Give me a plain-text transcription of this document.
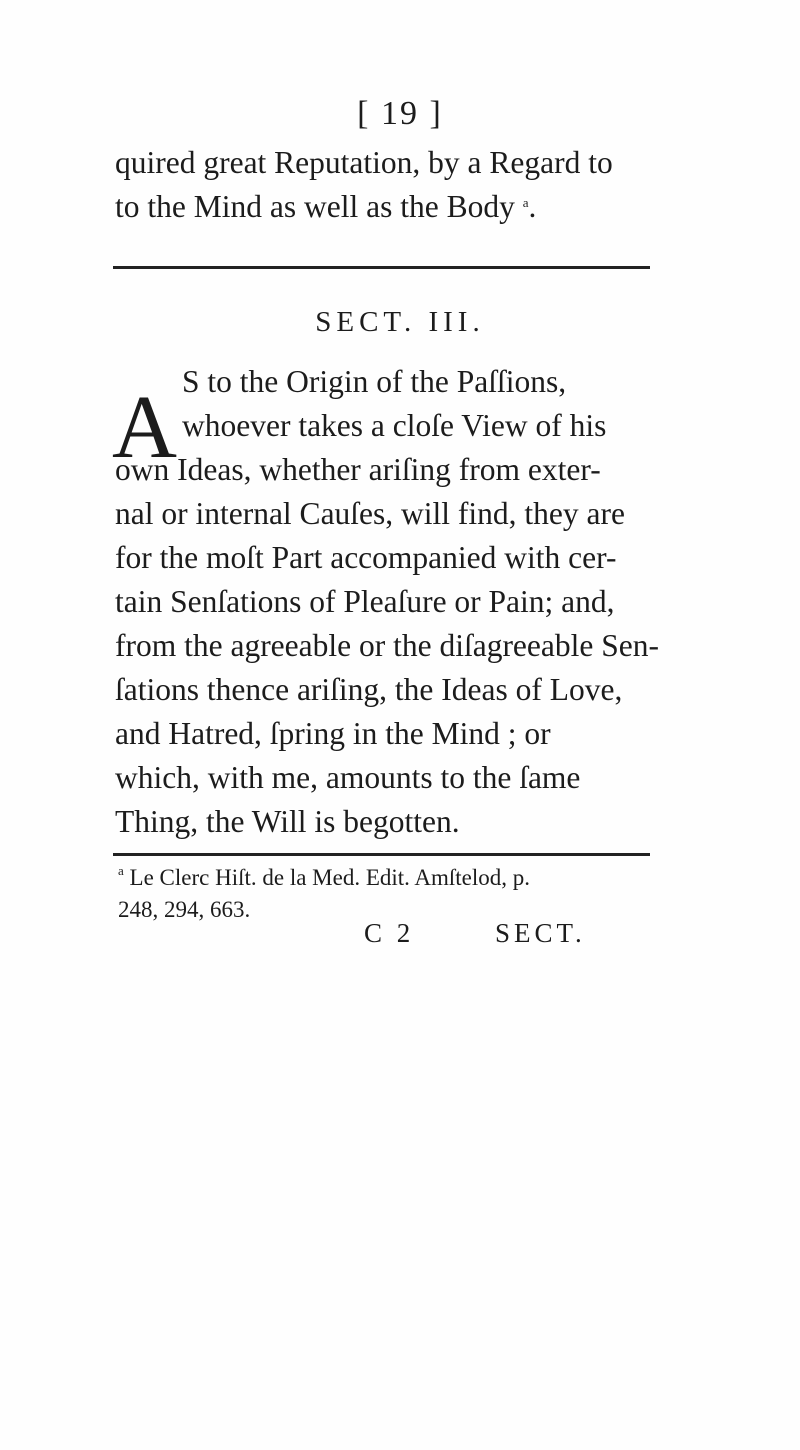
[ 19 ]
quired great Reputation, by a Regard to
to the Mind as well as the Body $^a$.
SECT. III.
A S to the Origin of the Paſſions,
whoever takes a cloſe View of his
own Ideas, whether ariſing from exter-
nal or internal Cauſes, will find, they are
for the moſt Part accompanied with cer-
tain Senſations of Pleaſure or Pain; and,
from the agreeable or the diſagreeable Sen-
ſations thence ariſing, the Ideas of Love,
and Hatred, ſpring in the Mind ; or
which, with me, amounts to the ſame
Thing, the Will is begotten.
$^a$ Le Clerc Hiſt. de la Med. Edit. Amſtelod, p.
248, 294, 663.
C 2	SECT.
